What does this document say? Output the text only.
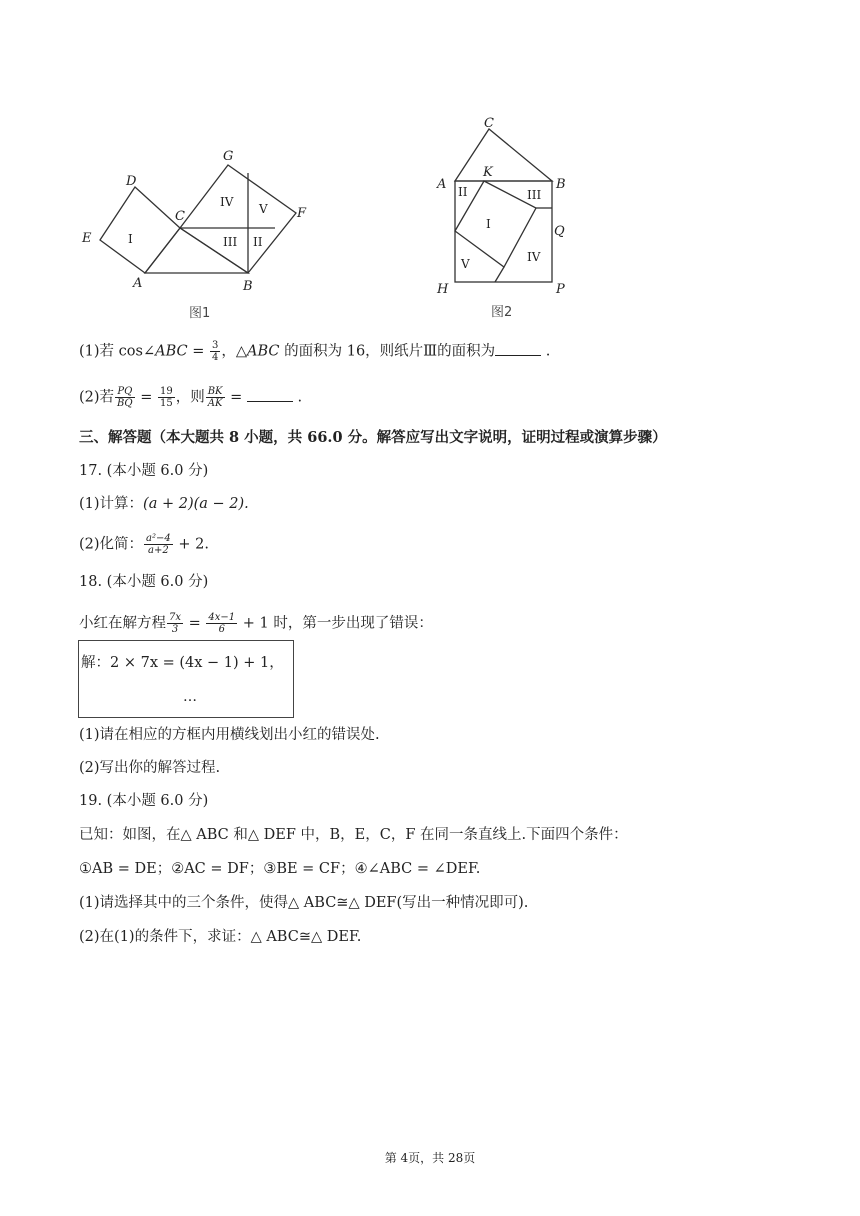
D
E
A	B
C
G
F
I	II
III
IV V
图1
C
A
K
B
Q
H	P
I
II	III
IV
V
图2
(1)若 cos∠ABC = $\frac{3}{4}$ ，△ABC 的面积为 16，则纸片Ⅲ的面积为	.
(2)若 $\frac{PQ}{BQ} = \frac{19}{15}$ ，则 $\frac{BK}{AK}$ =	.
三、解答题（本大题共 8 小题，共 66.0 分。解答应写出文字说明，证明过程或演算步骤）
17. (本小题 6.0 分)
(1)计算：(a + 2)(a − 2).
(2)化简： $\frac{\text{a²−4}}{a+2} + 2$.
18. (本小题 6.0 分)
小红在解方程 $\frac{7x}{3} = \frac{4x-1}{6} + 1$ 时，第一步出现了错误：
解：2 × 7x = (4x − 1) + 1，
…
(1)请在相应的方框内用横线划出小红的错误处.
(2)写出你的解答过程.
19. (本小题 6.0 分)
已知：如图，在△ ABC 和△ DEF 中，B，E，C，F 在同一条直线上.下面四个条件：
①AB = DE；②AC = DF；③BE = CF；④∠ABC = ∠DEF.
(1)请选择其中的三个条件，使得△ ABC≅△ DEF(写出一种情况即可).
(2)在(1)的条件下，求证：△ ABC≅△ DEF.
第 4页，共 28页
